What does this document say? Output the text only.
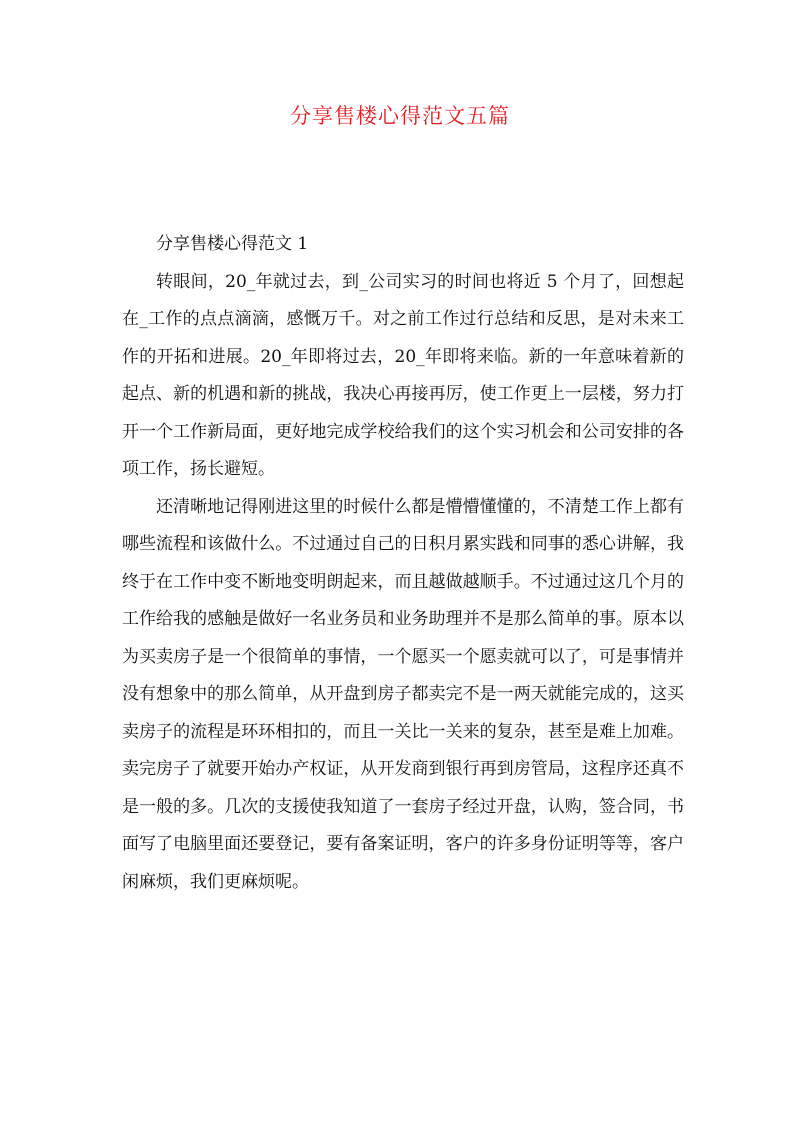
分享售楼心得范文五篇

分享售楼心得范文 1

转眼间，20_年就过去，到_公司实习的时间也将近 5 个月了，回想起在_工作的点点滴滴，感慨万千。对之前工作过行总结和反思，是对未来工作的开拓和进展。20_年即将过去，20_年即将来临。新的一年意味着新的起点、新的机遇和新的挑战，我决心再接再厉，使工作更上一层楼，努力打开一个工作新局面，更好地完成学校给我们的这个实习机会和公司安排的各项工作，扬长避短。

还清晰地记得刚进这里的时候什么都是懵懵懂懂的，不清楚工作上都有哪些流程和该做什么。不过通过自己的日积月累实践和同事的悉心讲解，我终于在工作中变不断地变明朗起来，而且越做越顺手。不过通过这几个月的工作给我的感触是做好一名业务员和业务助理并不是那么简单的事。原本以为买卖房子是一个很简单的事情，一个愿买一个愿卖就可以了，可是事情并没有想象中的那么简单，从开盘到房子都卖完不是一两天就能完成的，这买卖房子的流程是环环相扣的，而且一关比一关来的复杂，甚至是难上加难。卖完房子了就要开始办产权证，从开发商到银行再到房管局，这程序还真不是一般的多。几次的支援使我知道了一套房子经过开盘，认购，签合同，书面写了电脑里面还要登记，要有备案证明，客户的许多身份证明等等，客户闲麻烦，我们更麻烦呢。
